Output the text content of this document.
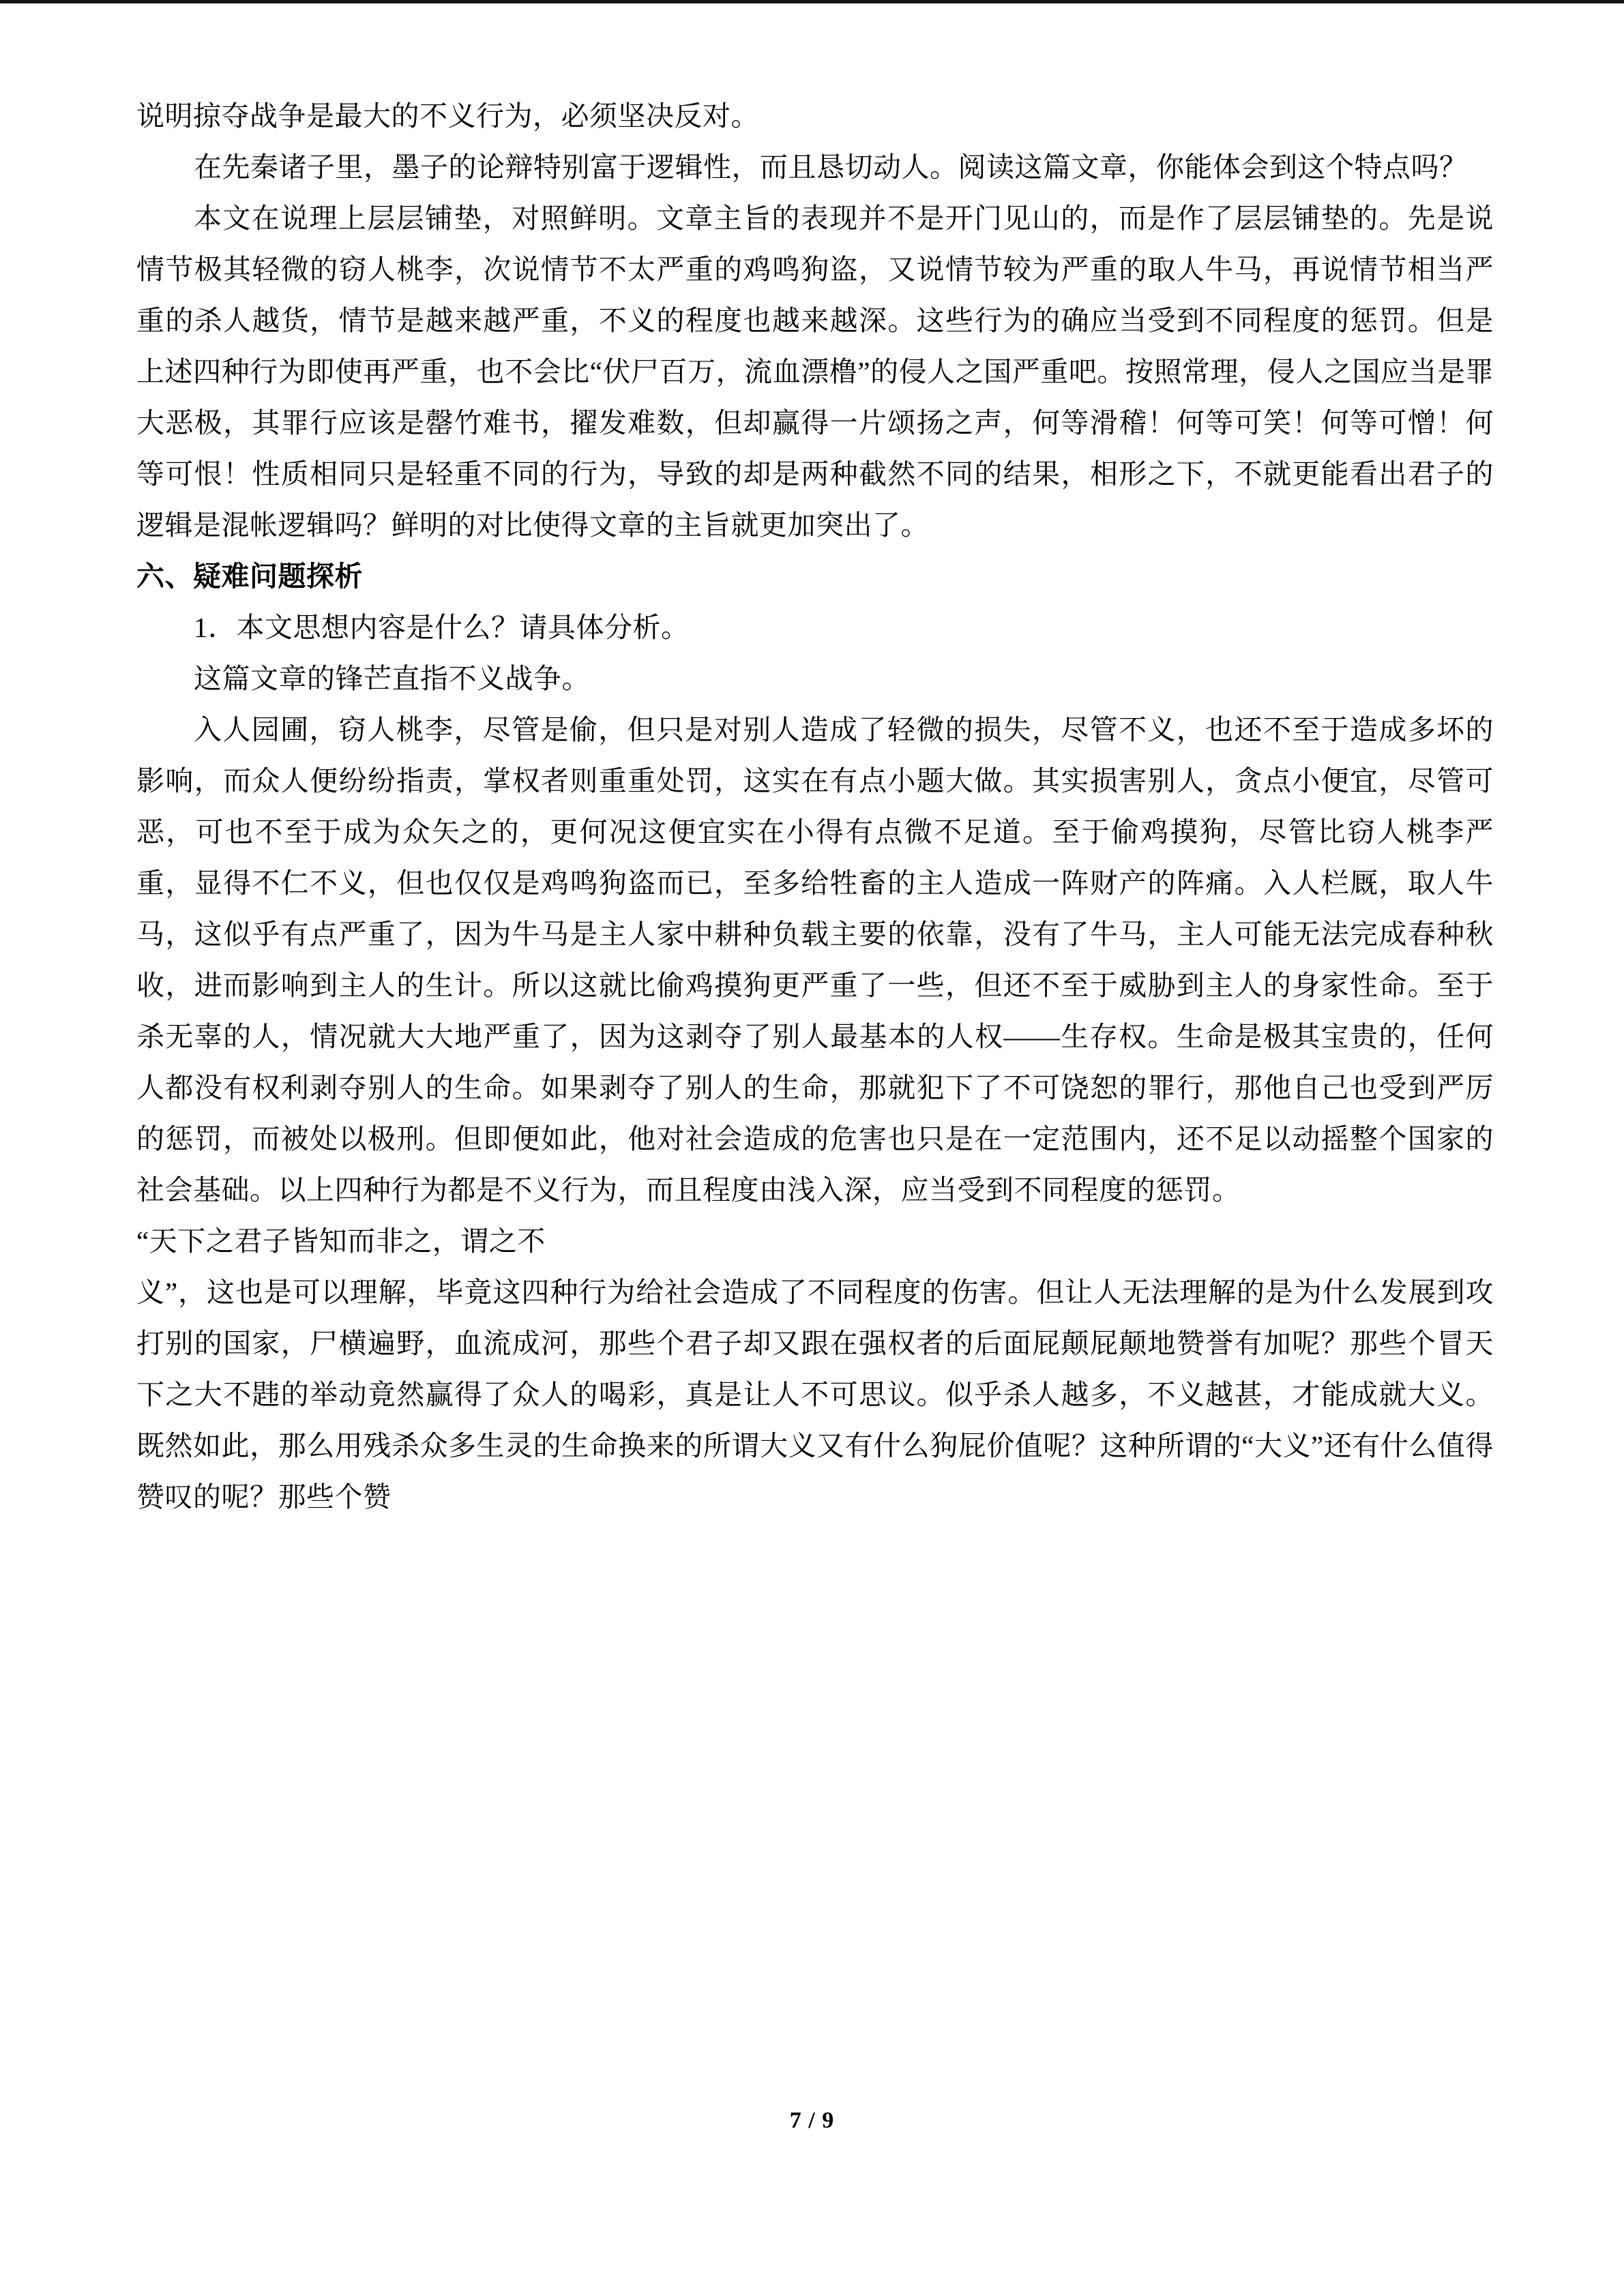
说明掠夺战争是最大的不义行为，必须坚决反对。

在先秦诸子里，墨子的论辩特别富于逻辑性，而且恳切动人。阅读这篇文章，你能体会到这个特点吗？

本文在说理上层层铺垫，对照鲜明。文章主旨的表现并不是开门见山的，而是作了层层铺垫的。先是说情节极其轻微的窃人桃李，次说情节不太严重的鸡鸣狗盗，又说情节较为严重的取人牛马，再说情节相当严重的杀人越货，情节是越来越严重，不义的程度也越来越深。这些行为的确应当受到不同程度的惩罚。但是上述四种行为即使再严重，也不会比“伏尸百万，流血漂橹”的侵人之国严重吧。按照常理，侵人之国应当是罪大恶极，其罪行应该是罄竹难书，擢发难数，但却赢得一片颂扬之声，何等滑稽！何等可笑！何等可憎！何等可恨！性质相同只是轻重不同的行为，导致的却是两种截然不同的结果，相形之下，不就更能看出君子的逻辑是混帐逻辑吗？鲜明的对比使得文章的主旨就更加突出了。

六、疑难问题探析

1．本文思想内容是什么？请具体分析。

这篇文章的锋芒直指不义战争。

入人园圃，窃人桃李，尽管是偷，但只是对别人造成了轻微的损失，尽管不义，也还不至于造成多坏的影响，而众人便纷纷指责，掌权者则重重处罚，这实在有点小题大做。其实损害别人，贪点小便宜，尽管可恶，可也不至于成为众矢之的，更何况这便宜实在小得有点微不足道。至于偷鸡摸狗，尽管比窃人桃李严重，显得不仁不义，但也仅仅是鸡鸣狗盗而已，至多给牲畜的主人造成一阵财产的阵痛。入人栏厩，取人牛马，这似乎有点严重了，因为牛马是主人家中耕种负载主要的依靠，没有了牛马，主人可能无法完成春种秋收，进而影响到主人的生计。所以这就比偷鸡摸狗更严重了一些，但还不至于威胁到主人的身家性命。至于杀无辜的人，情况就大大地严重了，因为这剥夺了别人最基本的人权——生存权。生命是极其宝贵的，任何人都没有权利剥夺别人的生命。如果剥夺了别人的生命，那就犯下了不可饶恕的罪行，那他自己也受到严厉的惩罚，而被处以极刑。但即便如此，他对社会造成的危害也只是在一定范围内，还不足以动摇整个国家的社会基础。以上四种行为都是不义行为，而且程度由浅入深，应当受到不同程度的惩罚。

“天下之君子皆知而非之，谓之不

义”，这也是可以理解，毕竟这四种行为给社会造成了不同程度的伤害。但让人无法理解的是为什么发展到攻打别的国家，尸横遍野，血流成河，那些个君子却又跟在强权者的后面屁颠屁颠地赞誉有加呢？那些个冒天下之大不韪的举动竟然赢得了众人的喝彩，真是让人不可思议。似乎杀人越多，不义越甚，才能成就大义。既然如此，那么用残杀众多生灵的生命换来的所谓大义又有什么狗屁价值呢？这种所谓的“大义”还有什么值得赞叹的呢？那些个赞

7 / 9
